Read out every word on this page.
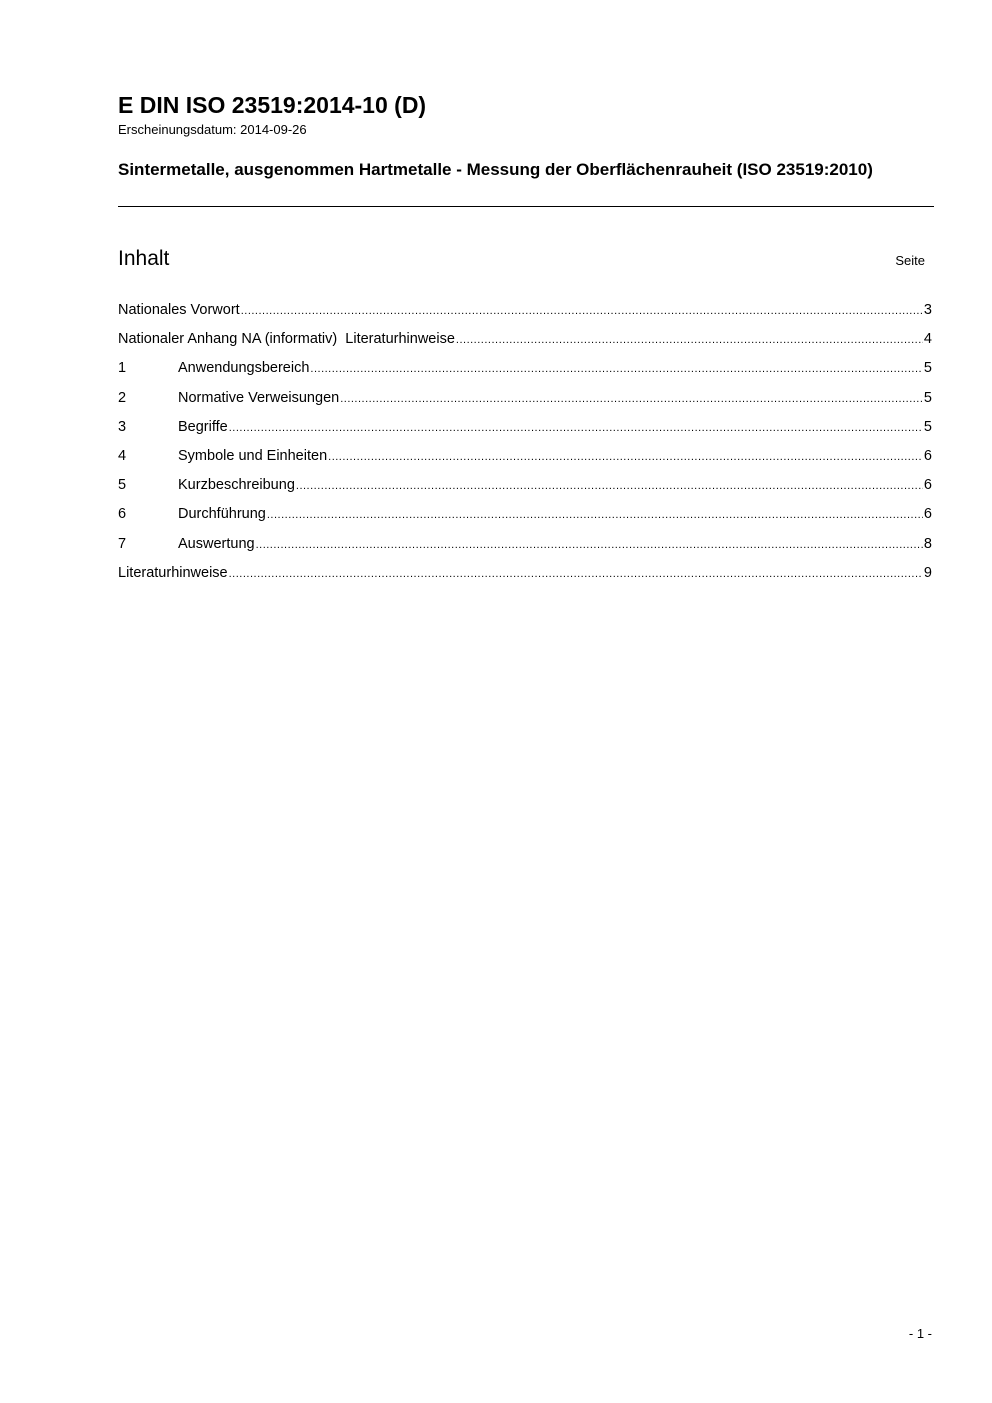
E DIN ISO 23519:2014-10 (D)
Erscheinungsdatum: 2014-09-26
Sintermetalle, ausgenommen Hartmetalle - Messung der Oberflächenrauheit (ISO 23519:2010)
Inhalt	Seite
Nationales Vorwort .....	3
Nationaler Anhang NA (informativ)  Literaturhinweise .....	4
1	Anwendungsbereich .....	5
2	Normative Verweisungen .....	5
3	Begriffe .....	5
4	Symbole und Einheiten .....	6
5	Kurzbeschreibung .....	6
6	Durchführung .....	6
7	Auswertung .....	8
Literaturhinweise .....	9
- 1 -
